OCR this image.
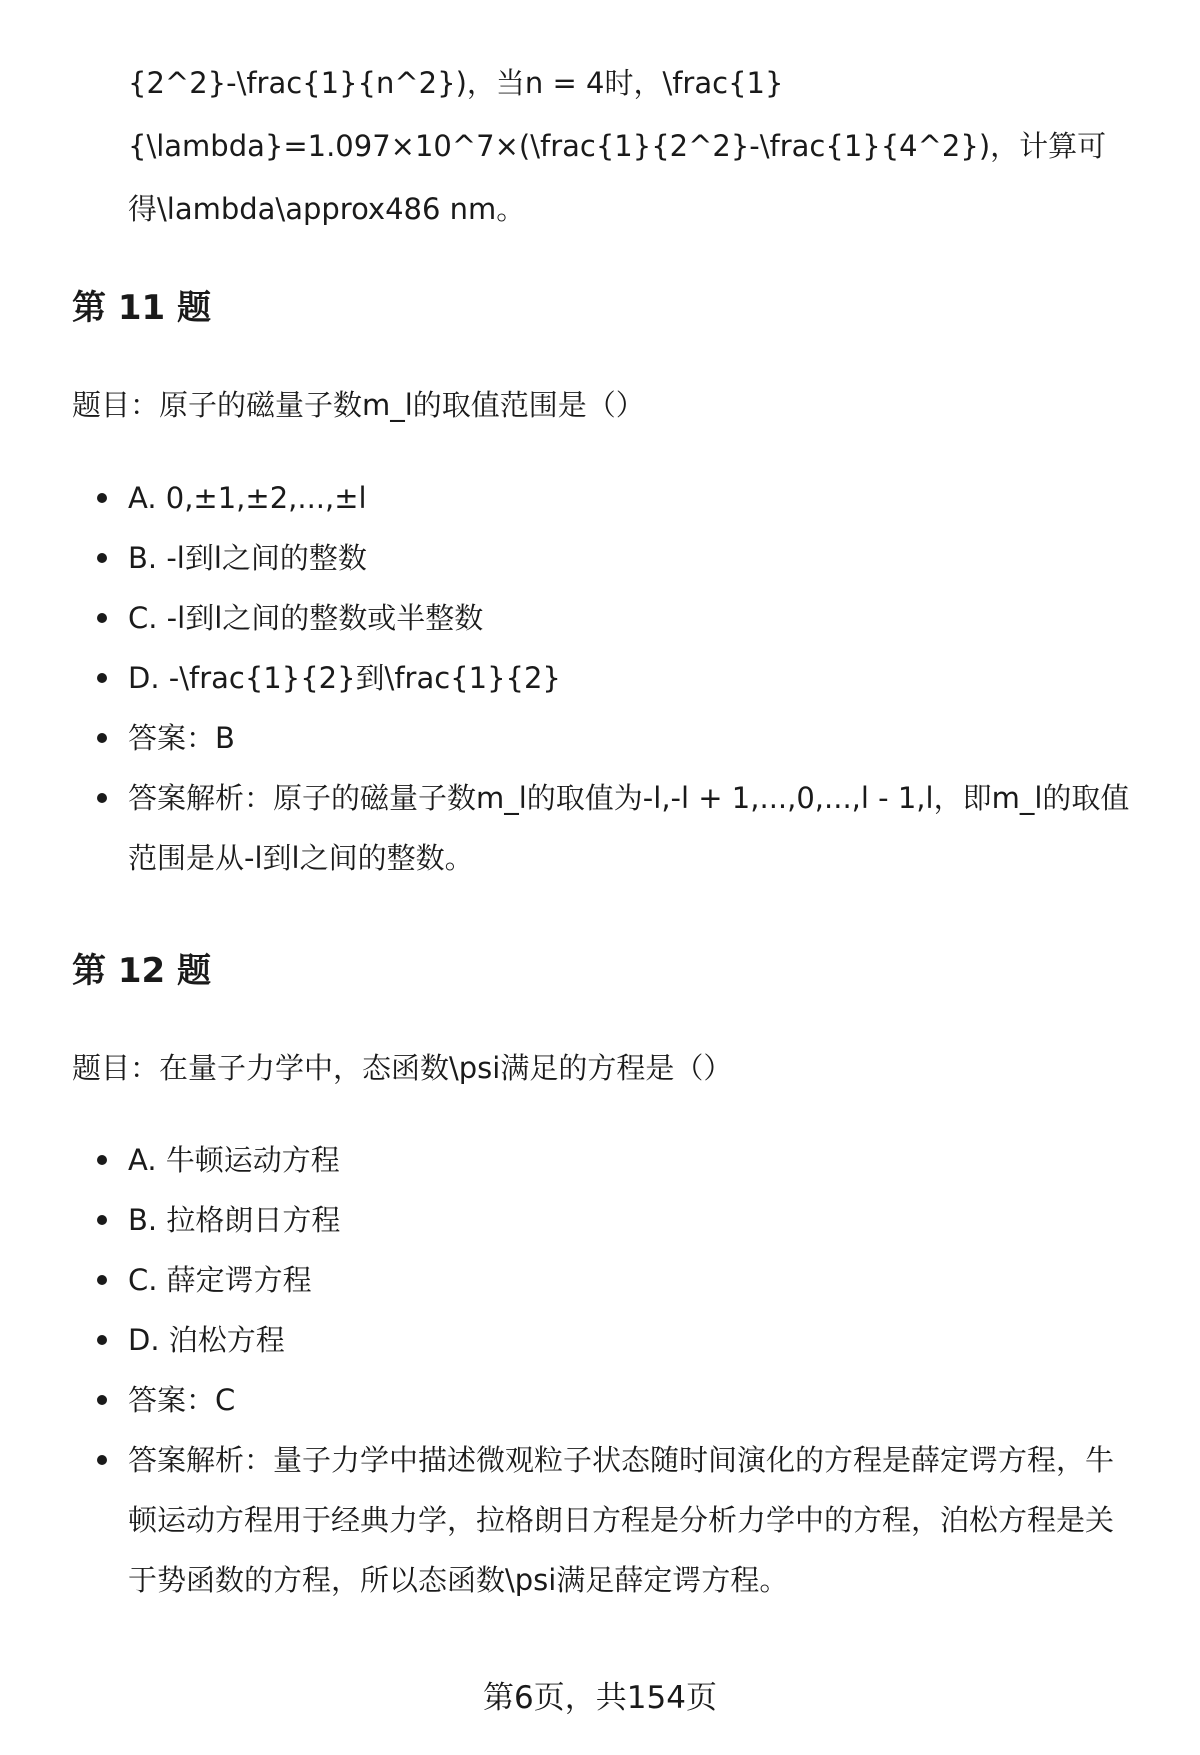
{2^2}-\frac{1}{n^2})，当n = 4时，\frac{1}
{\lambda}=1.097×10^7×(\frac{1}{2^2}-\frac{1}{4^2})，计算可
得\lambda\approx486 nm。
第 11 题
题目：原子的磁量子数m_l的取值范围是（）
A. 0,±1,±2,...,±l
B. -l到l之间的整数
C. -l到l之间的整数或半整数
D. -\frac{1}{2}到\frac{1}{2}
答案：B
答案解析：原子的磁量子数m_l的取值为-l,-l + 1,...,0,...,l - 1,l，即m_l的取值范围是从-l到l之间的整数。
第 12 题
题目：在量子力学中，态函数\psi满足的方程是（）
A. 牛顿运动方程
B. 拉格朗日方程
C. 薛定谔方程
D. 泊松方程
答案：C
答案解析：量子力学中描述微观粒子状态随时间演化的方程是薛定谔方程，牛顿运动方程用于经典力学，拉格朗日方程是分析力学中的方程，泊松方程是关于势函数的方程，所以态函数\psi满足薛定谔方程。
第6页，共154页
